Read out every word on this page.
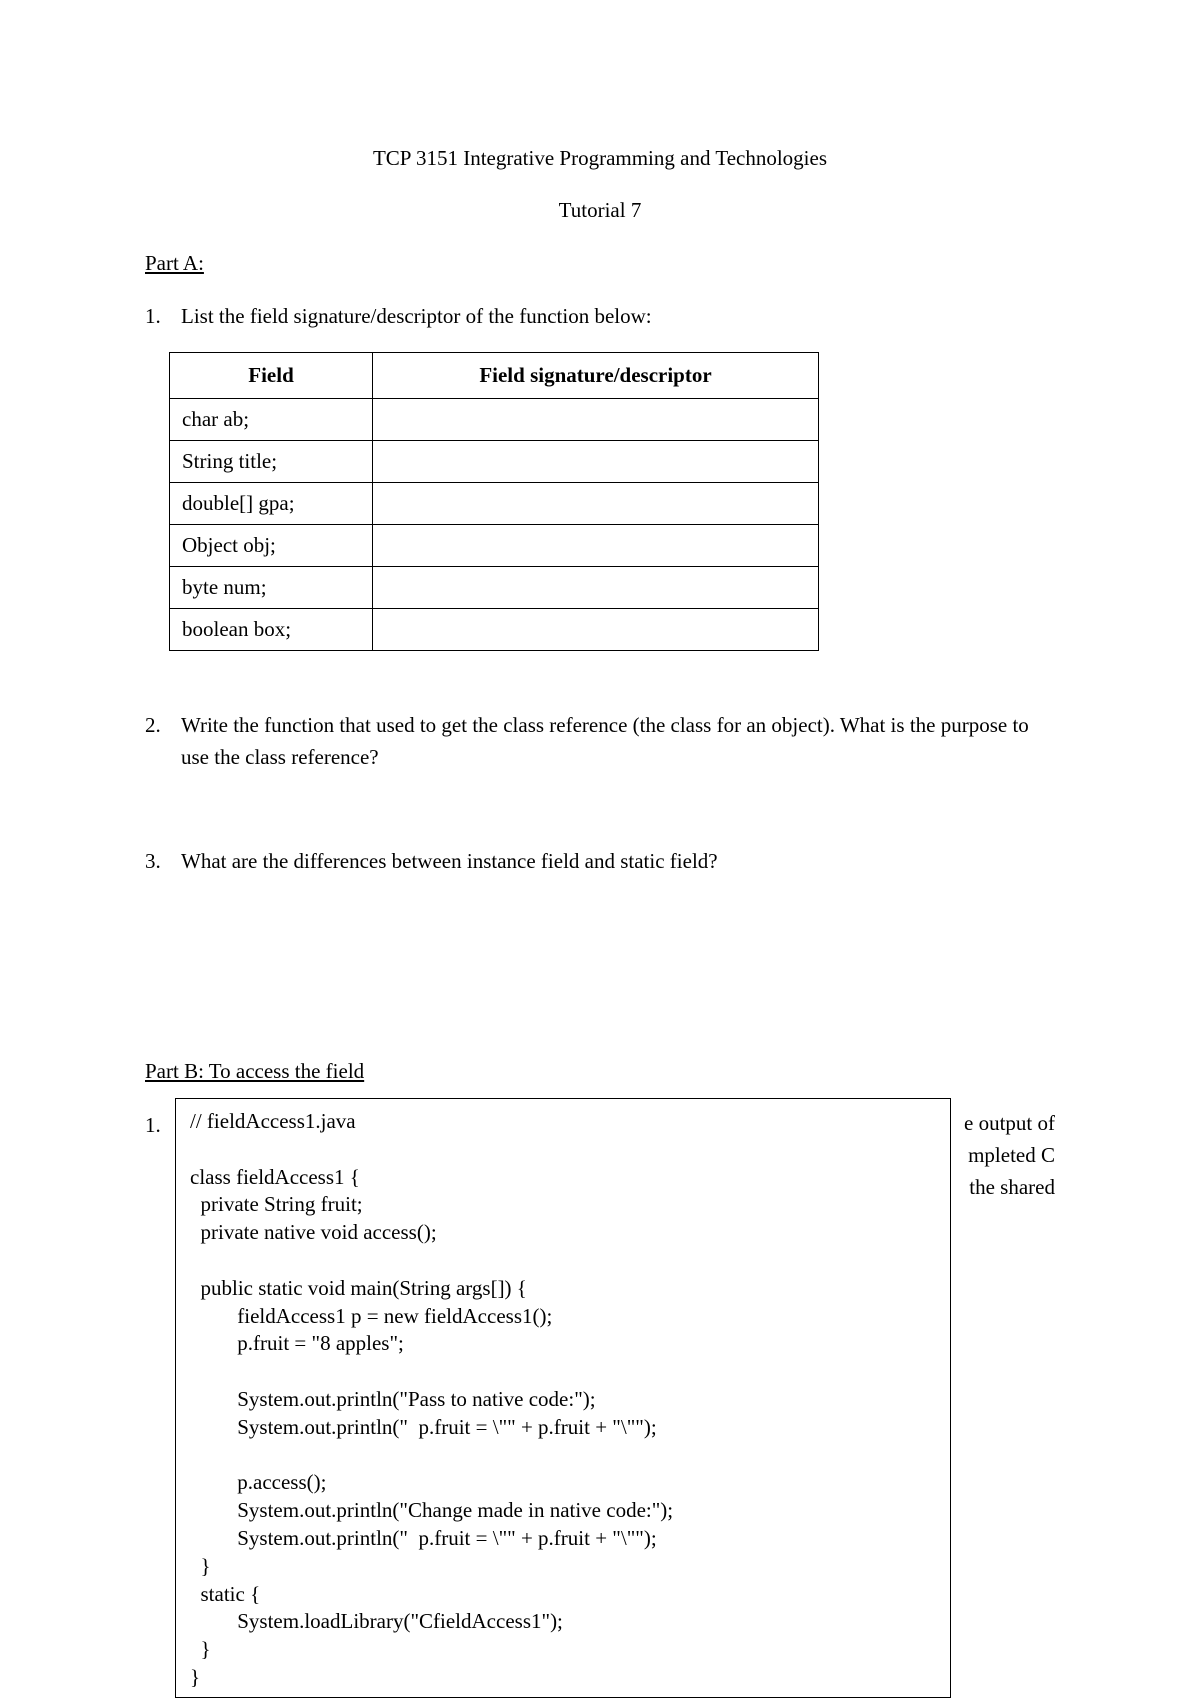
TCP 3151 Integrative Programming and Technologies
Tutorial 7
Part A:
1. List the field signature/descriptor of the function below:
Field	Field signature/descriptor
char ab;	
String title;	
double[] gpa;	
Object obj;	
byte num;	
boolean box;	
2. Write the function that used to get the class reference (the class for an object). What is the purpose to use the class reference?
3. What are the differences between instance field and static field?
Part B: To access the field
1.	e output of
mpleted C
the shared
// fieldAccess1.java
class fieldAccess1 {
private String fruit;
private native void access();
public static void main(String args[]) {
fieldAccess1 p = new fieldAccess1();
p.fruit = "8 apples";
System.out.println("Pass to native code:");
System.out.println("  p.fruit = \"" + p.fruit + "\"");
p.access();
System.out.println("Change made in native code:");
System.out.println("  p.fruit = \"" + p.fruit + "\"");
}
static {
System.loadLibrary("CfieldAccess1");
}
}
